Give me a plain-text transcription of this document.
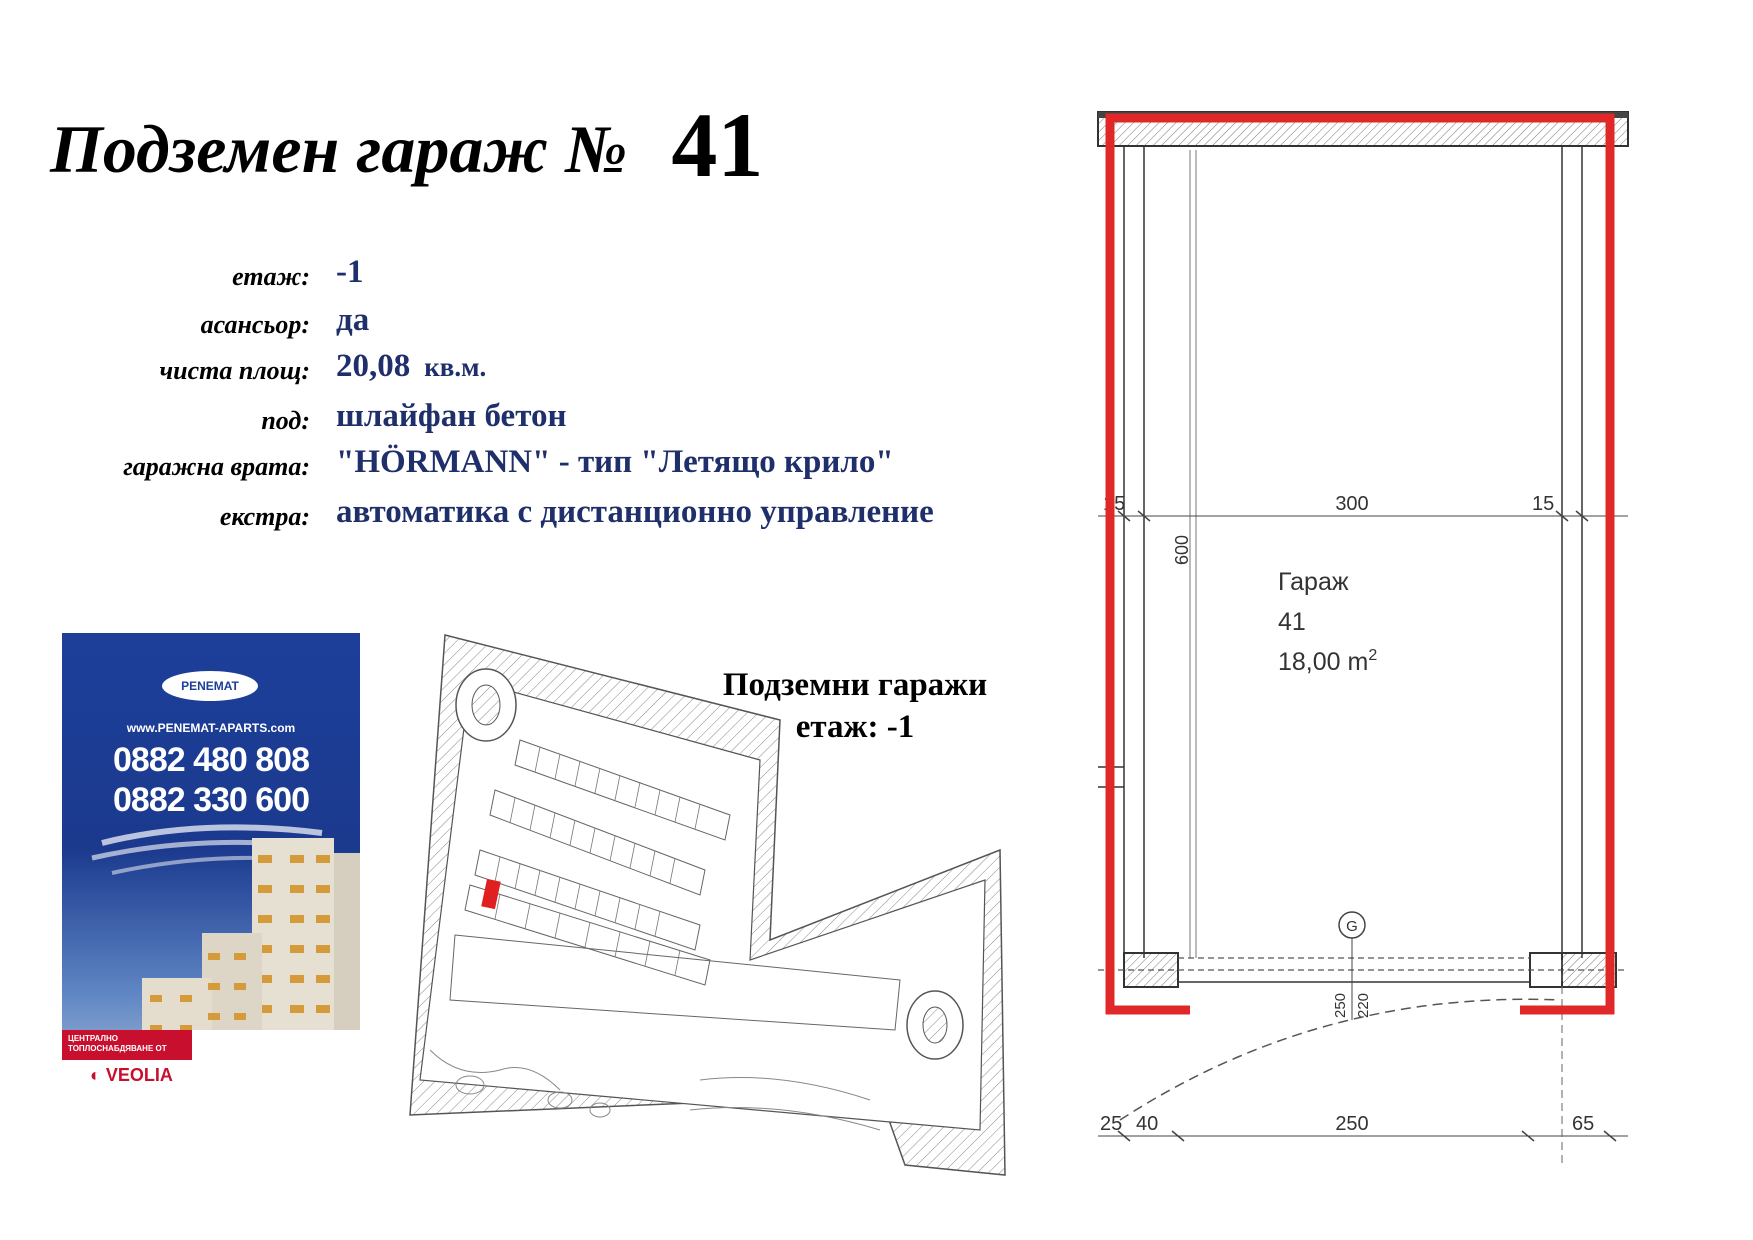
Подземен гараж № 41
етаж: -1
асансьор: да
чиста площ: 20,08 кв.м.
под: шлайфан бетон
гаражна врата: "HÖRMANN" - тип "Летящо крило"
екстра: автоматика с дистанционно управление
PENEMAT
www.PENEMAT-APARTS.com
0882 480 808
0882 330 600
ЦЕНТРАЛНО ТОПЛОСНАБДЯВАНЕ ОТ
◐ VEOLIA
Подземни гаражи
етаж: -1
G
15	300	15
600
Гараж
41
18,00 $m^2$
250 220
25 40	250	65
